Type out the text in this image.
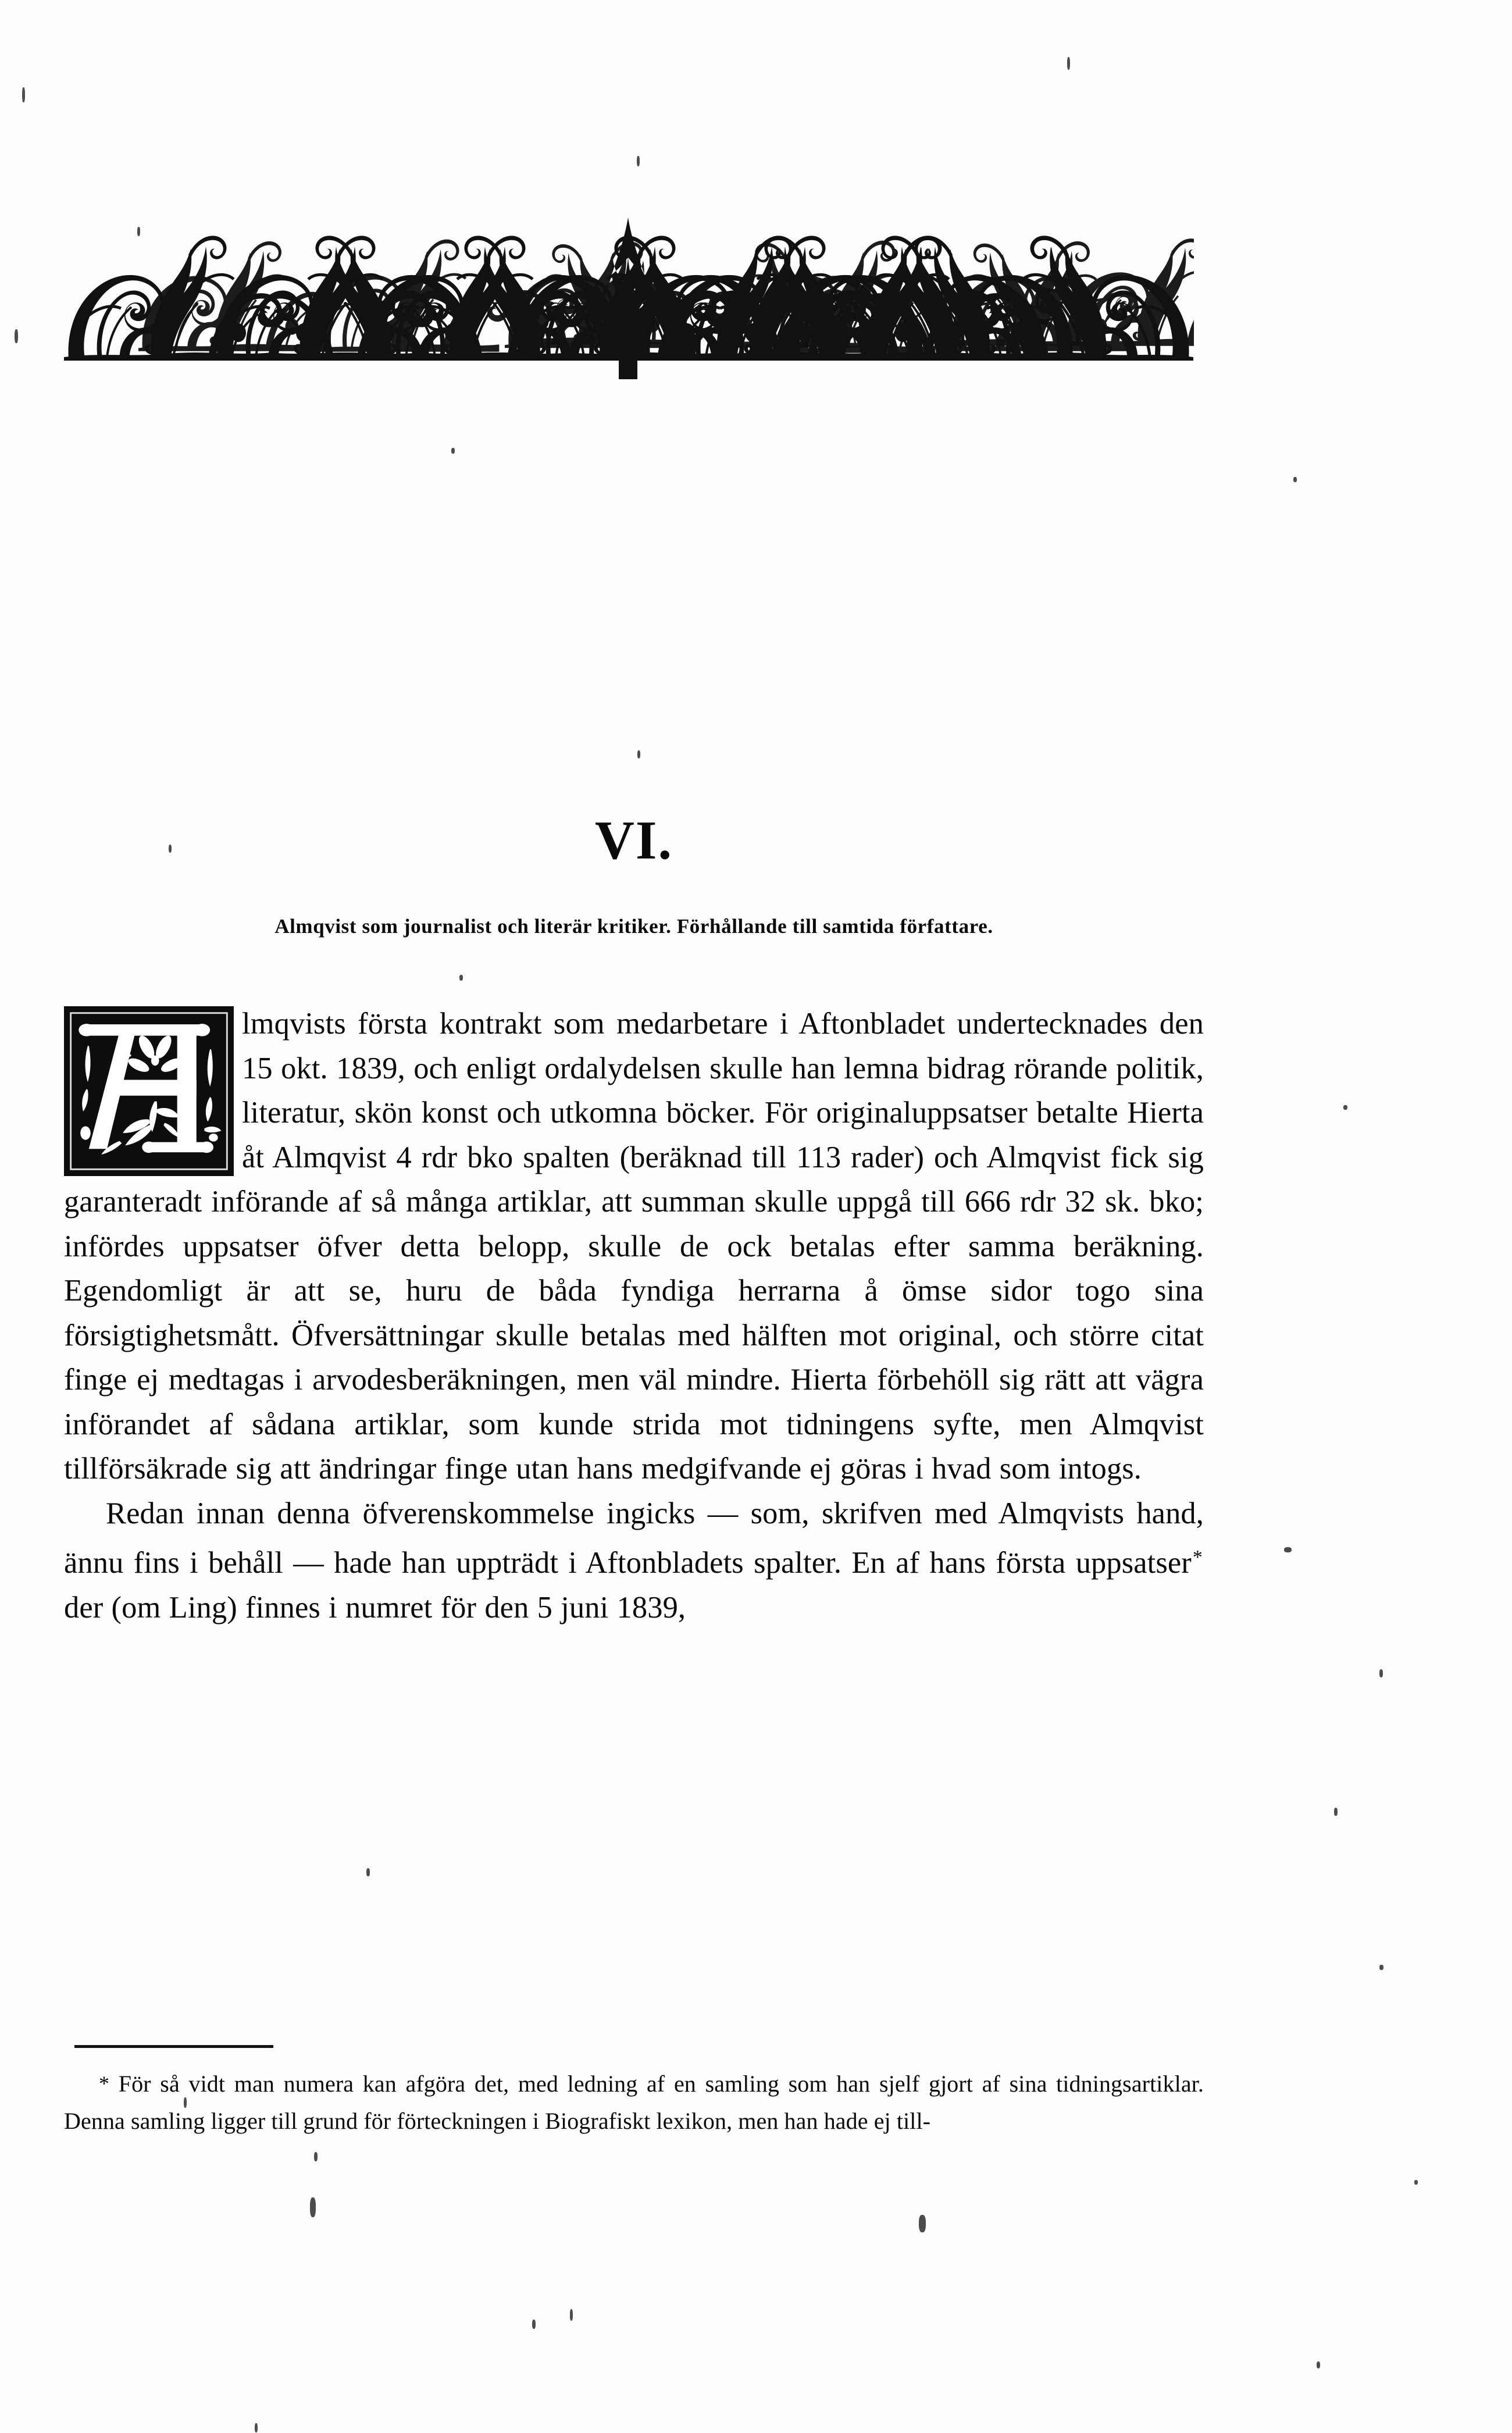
VI.
Almqvist som journalist och literär kritiker. Förhållande till samtida författare.

lmqvists första kontrakt som medarbetare i Aftonbladet undertecknades den 15 okt. 1839, och enligt ordalydelsen skulle han lemna bidrag rörande politik, literatur, skön konst och utkomna böcker. För originaluppsatser betalte Hierta åt Almqvist 4 rdr bko spalten (beräknad till 113 rader) och Almqvist fick sig garanteradt införande af så många artiklar, att summan skulle uppgå till 666 rdr 32 sk. bko; infördes uppsatser öfver detta belopp, skulle de ock betalas efter samma beräkning. Egendomligt är att se, huru de båda fyndiga herrarna å ömse sidor togo sina försigtighetsmått. Öfversättningar skulle betalas med hälften mot original, och större citat finge ej medtagas i arvodesberäkningen, men väl mindre. Hierta förbehöll sig rätt att vägra införandet af sådana artiklar, som kunde strida mot tidningens syfte, men Almqvist tillförsäkrade sig att ändringar finge utan hans medgifvande ej göras i hvad som intogs.

Redan innan denna öfverenskommelse ingicks — som, skrifven med Almqvists hand, ännu fins i behåll — hade han uppträdt i Aftonbladets spalter. En af hans första uppsatser* der (om Ling) finnes i numret för den 5 juni 1839,

* För så vidt man numera kan afgöra det, med ledning af en samling som han sjelf gjort af sina tidningsartiklar. Denna samling ligger till grund för förteckningen i Biografiskt lexikon, men han hade ej till-
